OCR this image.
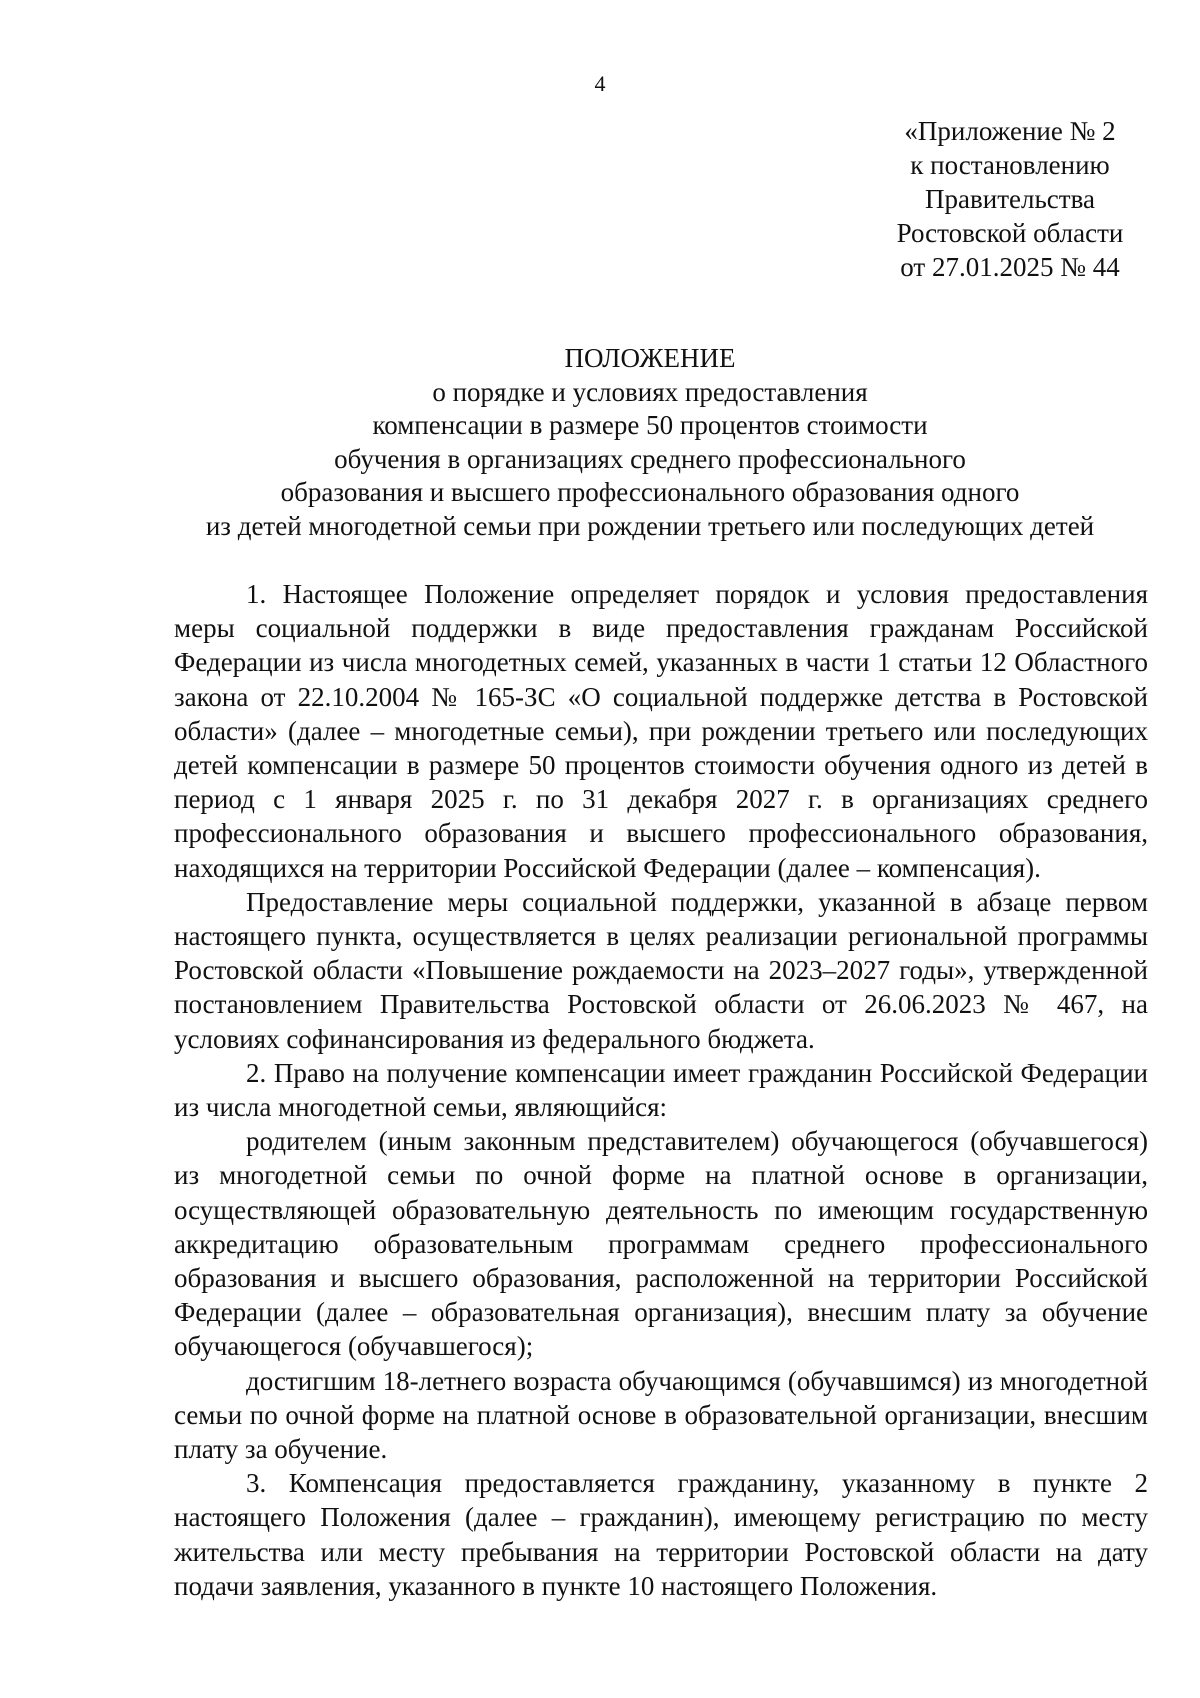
4
«Приложение № 2
к постановлению
Правительства
Ростовской области
от 27.01.2025 № 44
ПОЛОЖЕНИЕ
о порядке и условиях предоставления
компенсации в размере 50 процентов стоимости
обучения в организациях среднего профессионального
образования и высшего профессионального образования одного
из детей многодетной семьи при рождении третьего или последующих детей

1. Настоящее Положение определяет порядок и условия предоставления меры социальной поддержки в виде предоставления гражданам Российской Федерации из числа многодетных семей, указанных в части 1 статьи 12 Областного закона от 22.10.2004 № 165-ЗС «О социальной поддержке детства в Ростовской области» (далее – многодетные семьи), при рождении третьего или последующих детей компенсации в размере 50 процентов стоимости обучения одного из детей в период с 1 января 2025 г. по 31 декабря 2027 г. в организациях среднего профессионального образования и высшего профессионального образования, находящихся на территории Российской Федерации (далее – компенсация).

Предоставление меры социальной поддержки, указанной в абзаце первом настоящего пункта, осуществляется в целях реализации региональной программы Ростовской области «Повышение рождаемости на 2023–2027 годы», утвержденной постановлением Правительства Ростовской области от 26.06.2023 № 467, на условиях софинансирования из федерального бюджета.

2. Право на получение компенсации имеет гражданин Российской Федерации из числа многодетной семьи, являющийся:

родителем (иным законным представителем) обучающегося (обучавшегося) из многодетной семьи по очной форме на платной основе в организации, осуществляющей образовательную деятельность по имеющим государственную аккредитацию образовательным программам среднего профессионального образования и высшего образования, расположенной на территории Российской Федерации (далее – образовательная организация), внесшим плату за обучение обучающегося (обучавшегося);

достигшим 18-летнего возраста обучающимся (обучавшимся) из многодетной семьи по очной форме на платной основе в образовательной организации, внесшим плату за обучение.

3. Компенсация предоставляется гражданину, указанному в пункте 2 настоящего Положения (далее – гражданин), имеющему регистрацию по месту жительства или месту пребывания на территории Ростовской области на дату подачи заявления, указанного в пункте 10 настоящего Положения.
